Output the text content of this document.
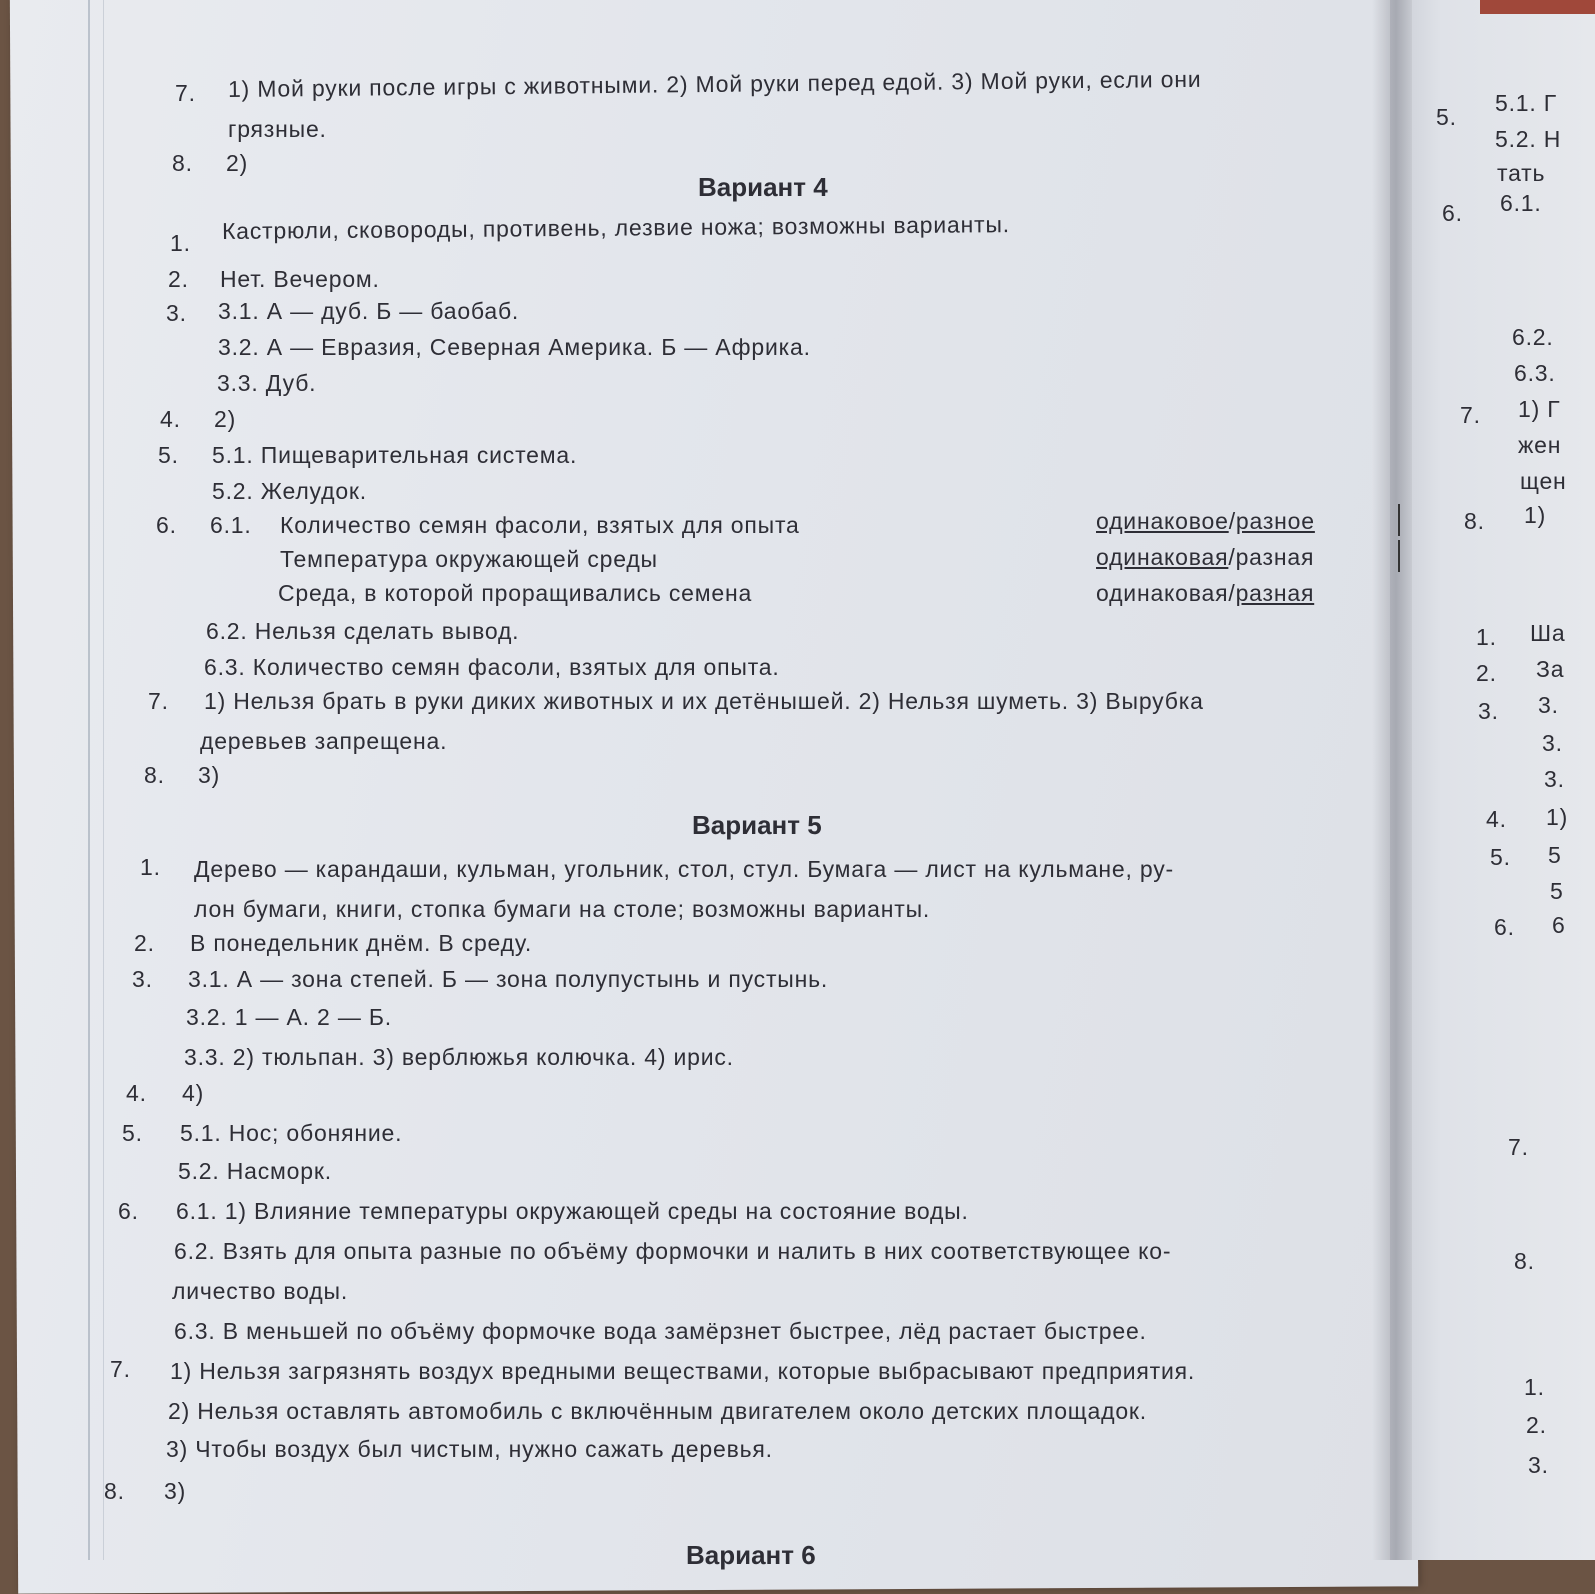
7. 1) Мой руки после игры с животными. 2) Мой руки перед едой. 3) Мой руки, если они
грязные.
8. 2)
Вариант 4
1. Кастрюли, сковороды, противень, лезвие ножа; возможны варианты.
2. Нет. Вечером.
3. 3.1. А — дуб. Б — баобаб.
3.2. А — Евразия, Северная Америка. Б — Африка.
3.3. Дуб.
4. 2)
5. 5.1. Пищеварительная система.
5.2. Желудок.
6. 6.1. Количество семян фасоли, взятых для опыта	одинаковое/разное
Температура окружающей среды	одинаковая/разная
Среда, в которой проращивались семена	одинаковая/разная
6.2. Нельзя сделать вывод.
6.3. Количество семян фасоли, взятых для опыта.
7. 1) Нельзя брать в руки диких животных и их детёнышей. 2) Нельзя шуметь. 3) Вырубка
деревьев запрещена.
8. 3)
Вариант 5
1. Дерево — карандаши, кульман, угольник, стол, стул. Бумага — лист на кульмане, ру-
лон бумаги, книги, стопка бумаги на столе; возможны варианты.
2. В понедельник днём. В среду.
3. 3.1. А — зона степей. Б — зона полупустынь и пустынь.
3.2. 1 — А. 2 — Б.
3.3. 2) тюльпан. 3) верблюжья колючка. 4) ирис.
4. 4)
5. 5.1. Нос; обоняние.
5.2. Насморк.
6. 6.1. 1) Влияние температуры окружающей среды на состояние воды.
6.2. Взять для опыта разные по объёму формочки и налить в них соответствующее ко-
личество воды.
6.3. В меньшей по объёму формочке вода замёрзнет быстрее, лёд растает быстрее.
7. 1) Нельзя загрязнять воздух вредными веществами, которые выбрасывают предприятия.
2) Нельзя оставлять автомобиль с включённым двигателем около детских площадок.
3) Чтобы воздух был чистым, нужно сажать деревья.
8. 3)
Вариант 6
5.
5.1. Г
5.2. Н
тать
6. 6.1.
6.2.
6.3.
7. 1) Г
жен
щен
8. 1)
1. Ша
2. За
3. 3.
3.
3.
4. 1)
5. 5
5
6. 6
7.
8.
1.
2.
3.
